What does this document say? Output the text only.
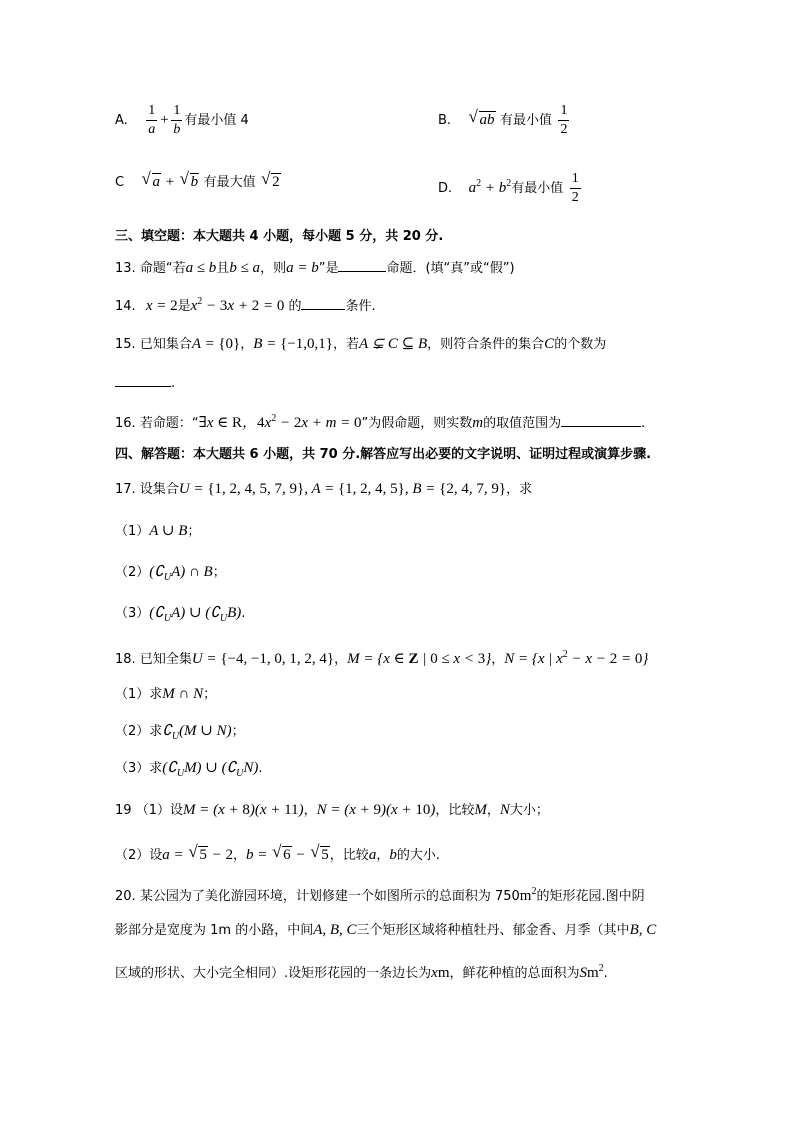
A. $\frac{1}{a} + \frac{1}{b}$ 有最小值 4	B. √ ab 有最小值 $\frac{1}{2}$
C √ a + √ b 有最大值 √ 2	D. $a^2 + b^2$有最小值 $\frac{1}{2}$
三、填空题：本大题共 4 小题，每小题 5 分，共 20 分.
13. 命题“若a ≤ b且b ≤ a，则a = b”是	命题．(填“真”或“假”)
14. x = 2是$x^2 - 3x + 2 = 0$ 的	条件.
15. 已知集合A = {0}，B = {−1,0,1}，若A ⊊ C ⊆ B，则符合条件的集合C的个数为
.
16. 若命题：“∃x ∈ R，$4x^2 - 2x + m = 0$”为假命题，则实数m的取值范围为	.
四、解答题：本大题共 6 小题，共 70 分.解答应写出必要的文字说明、证明过程或演算步骤.
17. 设集合U = {1, 2, 4, 5, 7, 9}, A = {1, 2, 4, 5}, B = {2, 4, 7, 9}，求
（1）A ∪ B；
$(2)(∁_UA)$ ∩ B；
$(3)(∁_UA)$ ∪ $(∁_UB)$.
18. 已知全集U = {−4, −1, 0, 1, 2, 4}，M = {x ∈ Z | 0 ≤ x < 3}，N = {x | $x^2 - x - 2 = 0$}
（1）求M ∩ N；
（2）求$∁_U(M$ ∪ N)；
（3）求$(∁_UM)$ ∪ $(∁_UN)$.
19 （1）设M = (x + 8)(x + 11)，N = (x + 9)(x + 10)，比较M，N大小；
（2）设a = √ 5 − 2，b = √ 6 − √ 5，比较a，b的大小.
20. 某公园为了美化游园环境，计划修建一个如图所示的总面积为 $750m^2$的矩形花园.图中阴
影部分是宽度为 1m 的小路，中间A, B, C三个矩形区域将种植牡丹、郁金香、月季（其中B, C
区域的形状、大小完全相同）.设矩形花园的一条边长为xm，鲜花种植的总面积为Sm$^2$.
